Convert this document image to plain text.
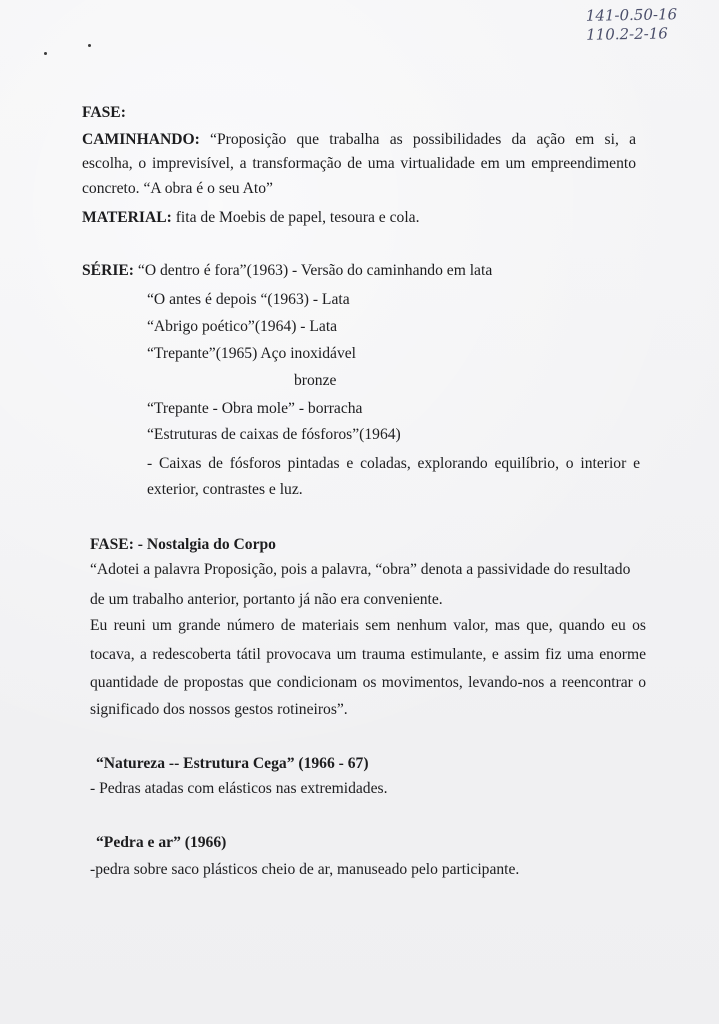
141-0.50-16
110.2-2-16
FASE:
CAMINHANDO: “Proposição que trabalha as possibilidades da ação em si, a
escolha, o imprevisível, a transformação de uma virtualidade em um empreendimento
concreto. “A obra é o seu Ato”
MATERIAL: fita de Moebis de papel, tesoura e cola.
SÉRIE: “O dentro é fora”(1963) - Versão do caminhando em lata
“O antes é depois “(1963) - Lata
“Abrigo poético”(1964) - Lata
“Trepante”(1965) Aço inoxidável
bronze
“Trepante - Obra mole” - borracha
“Estruturas de caixas de fósforos”(1964)
- Caixas de fósforos pintadas e coladas, explorando equilíbrio, o interior e
exterior, contrastes e luz.
FASE: - Nostalgia do Corpo
“Adotei a palavra Proposição, pois a palavra, “obra” denota a passividade do resultado
de um trabalho anterior, portanto já não era conveniente.
Eu reuni um grande número de materiais sem nenhum valor, mas que, quando eu os
tocava, a redescoberta tátil provocava um trauma estimulante, e assim fiz uma enorme
quantidade de propostas que condicionam os movimentos, levando-nos a reencontrar o
significado dos nossos gestos rotineiros”.
“Natureza -- Estrutura Cega” (1966 - 67)
- Pedras atadas com elásticos nas extremidades.
“Pedra e ar” (1966)
-pedra sobre saco plásticos cheio de ar, manuseado pelo participante.
